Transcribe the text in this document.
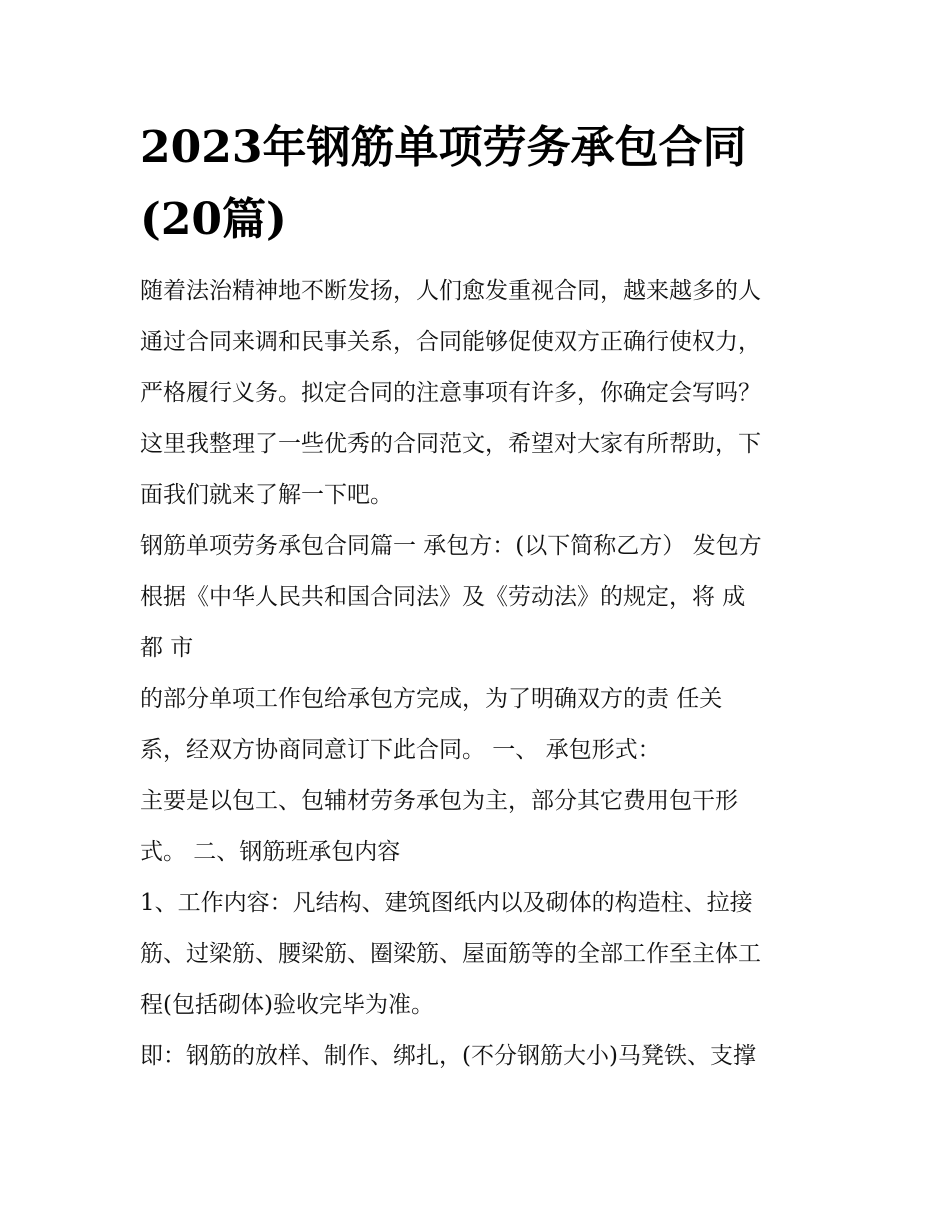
2023年钢筋单项劳务承包合同
(20篇)
随着法治精神地不断发扬，人们愈发重视合同，越来越多的人
通过合同来调和民事关系，合同能够促使双方正确行使权力，
严格履行义务。拟定合同的注意事项有许多，你确定会写吗？
这里我整理了一些优秀的合同范文，希望对大家有所帮助，下
面我们就来了解一下吧。
钢筋单项劳务承包合同篇一 承包方：(以下简称乙方） 发包方
根据《中华人民共和国合同法》及《劳动法》的规定，将 成
都 市
的部分单项工作包给承包方完成，为了明确双方的责 任关
系，经双方协商同意订下此合同。 一、 承包形式：
主要是以包工、包辅材劳务承包为主，部分其它费用包干形
式。 二、钢筋班承包内容
1、工作内容：凡结构、建筑图纸内以及砌体的构造柱、拉接
筋、过梁筋、腰梁筋、圈梁筋、屋面筋等的全部工作至主体工
程(包括砌体)验收完毕为准。
即：钢筋的放样、制作、绑扎，(不分钢筋大小)马凳铁、支撑
